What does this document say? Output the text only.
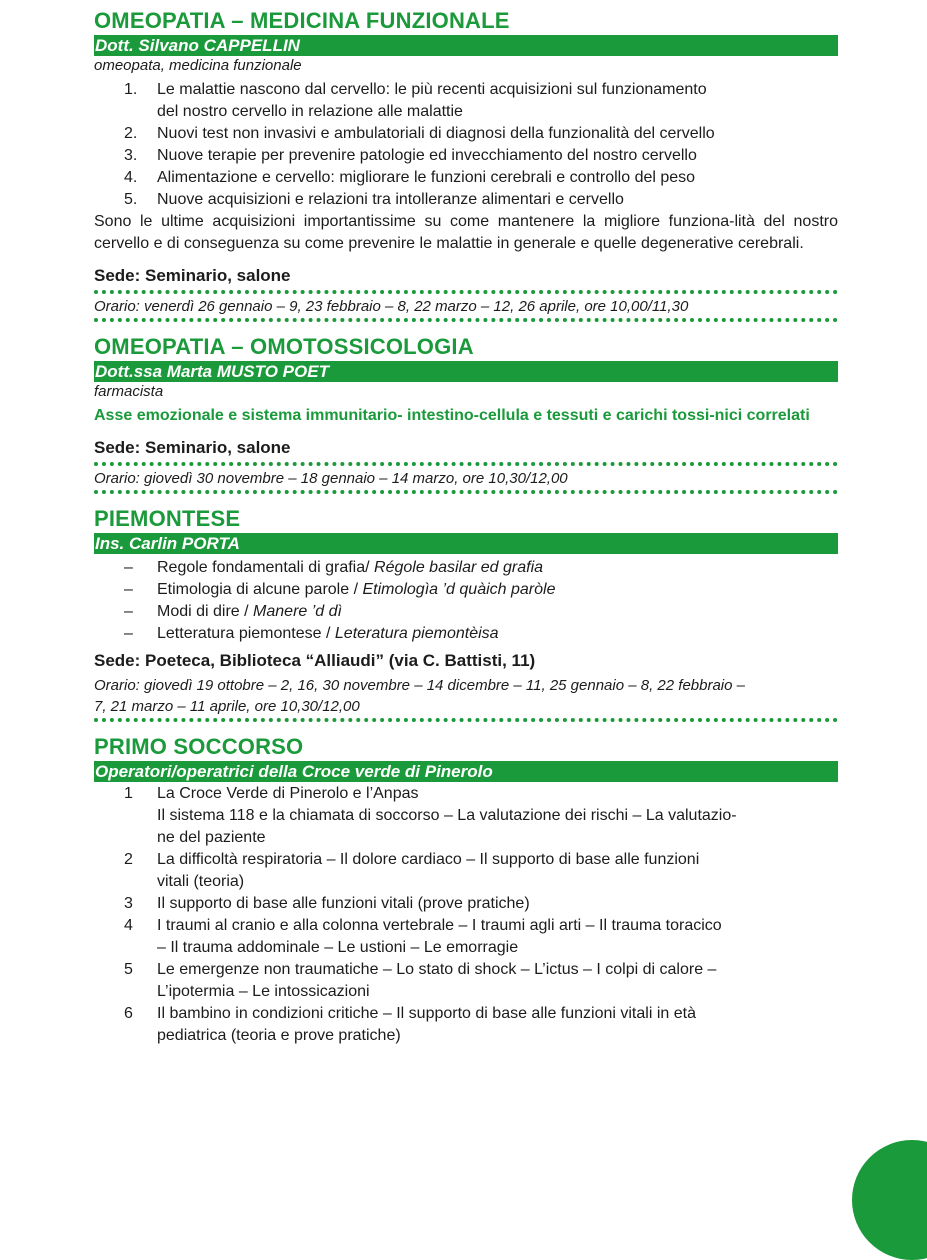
OMEOPATIA – MEDICINA FUNZIONALE
Dott. Silvano CAPPELLIN
omeopata, medicina funzionale
1.	Le malattie nascono dal cervello: le più recenti acquisizioni sul funzionamento
del nostro cervello in relazione alle malattie
2.	Nuovi test non invasivi e ambulatoriali di diagnosi della funzionalità del cervello
3.	Nuove terapie per prevenire patologie ed invecchiamento del nostro cervello
4.	Alimentazione e cervello: migliorare le funzioni cerebrali e controllo del peso
5.	Nuove acquisizioni e relazioni tra intolleranze alimentari e cervello

Sono le ultime acquisizioni importantissime su come mantenere la migliore funziona-lità del nostro cervello e di conseguenza su come prevenire le malattie in generale e quelle degenerative cerebrali.

Sede: Seminario, salone
Orario: venerdì 26 gennaio – 9, 23 febbraio – 8, 22 marzo – 12, 26 aprile, ore 10,00/11,30
OMEOPATIA – OMOTOSSICOLOGIA
Dott.ssa Marta MUSTO POET
farmacista
Asse emozionale e sistema immunitario- intestino-cellula e tessuti e carichi tossi-nici correlati
Sede: Seminario, salone
Orario: giovedì 30 novembre – 18 gennaio – 14 marzo, ore 10,30/12,00
PIEMONTESE
Ins. Carlin PORTA
–	Regole fondamentali di grafia/ Régole basilar ed grafia
–	Etimologia di alcune parole / Etimologìa ’d quàich paròle
–	Modi di dire / Manere ’d dì
–	Letteratura piemontese / Leteratura piemontèisa
Sede: Poeteca, Biblioteca “Alliaudi” (via C. Battisti, 11)
Orario: giovedì 19 ottobre – 2, 16, 30 novembre – 14 dicembre – 11, 25 gennaio – 8, 22 febbraio –
7, 21 marzo – 11 aprile, ore 10,30/12,00
PRIMO SOCCORSO
Operatori/operatrici della Croce verde di Pinerolo
1	La Croce Verde di Pinerolo e l’Anpas
Il sistema 118 e la chiamata di soccorso – La valutazione dei rischi – La valutazio-
ne del paziente
2	La difficoltà respiratoria – Il dolore cardiaco – Il supporto di base alle funzioni
vitali (teoria)
3	Il supporto di base alle funzioni vitali (prove pratiche)
4	I traumi al cranio e alla colonna vertebrale – I traumi agli arti – Il trauma toracico
– Il trauma addominale – Le ustioni – Le emorragie
5	Le emergenze non traumatiche – Lo stato di shock – L’ictus – I colpi di calore –
L’ipotermia – Le intossicazioni
6	Il bambino in condizioni critiche – Il supporto di base alle funzioni vitali in età
pediatrica (teoria e prove pratiche)
